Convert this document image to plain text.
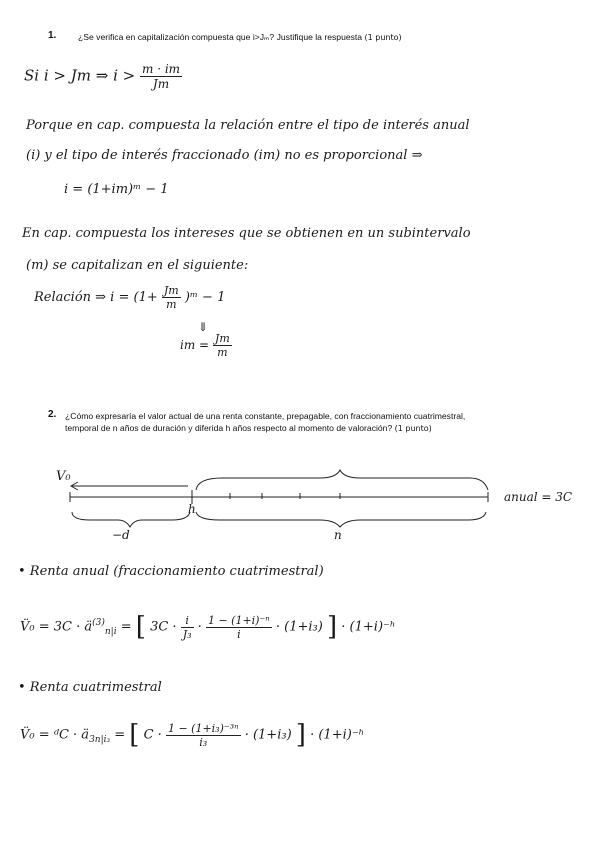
1.	¿Se verifica en capitalización compuesta que i>Jₘ? Justifique la respuesta (1 punto)
Si i > Jm ⇒ $i > \frac{m \cdot im}{Jm}$
Porque en cap. compuesta la relación entre el tipo de interés anual
(i) y el tipo de interés fraccionado (im) no es proporcional ⇒
i = (1+im)ᵐ − 1
En cap. compuesta los intereses que se obtienen en un subintervalo
(m) se capitalizan en el siguiente:
Relación ⇒ $i = (1+ \frac{Jm}{m}$ )ᵐ − 1
⇓
im = $\frac{Jm}{m}$
2. ¿Cómo expresaría el valor actual de una renta constante, prepagable, con fraccionamiento cuatrimestral,
temporal de n años de duración y diferida h años respecto al momento de valoración? (1 punto)
V₀
h
anual = 3C
−d	n
• Renta anual (fraccionamiento cuatrimestral)
V̈₀ = $3C \cdot ä^{(3)}_{n|i}$ = [ $3C \cdot \frac{i}{\text{J₃}} \cdot \frac{\text{1 − (1+i)⁻ⁿ}}{i} \cdot (1+i_3)$ ] · (1+i)⁻ʰ
• Renta cuatrimestral
V̈₀ = ᵈC · $ä_{3n|i_3}$ = [ $C \cdot \frac{\text{1 − (1+i₃)⁻³ⁿ}}{\text{i₃}} \cdot (1+i_3)$ ] · (1+i)⁻ʰ
